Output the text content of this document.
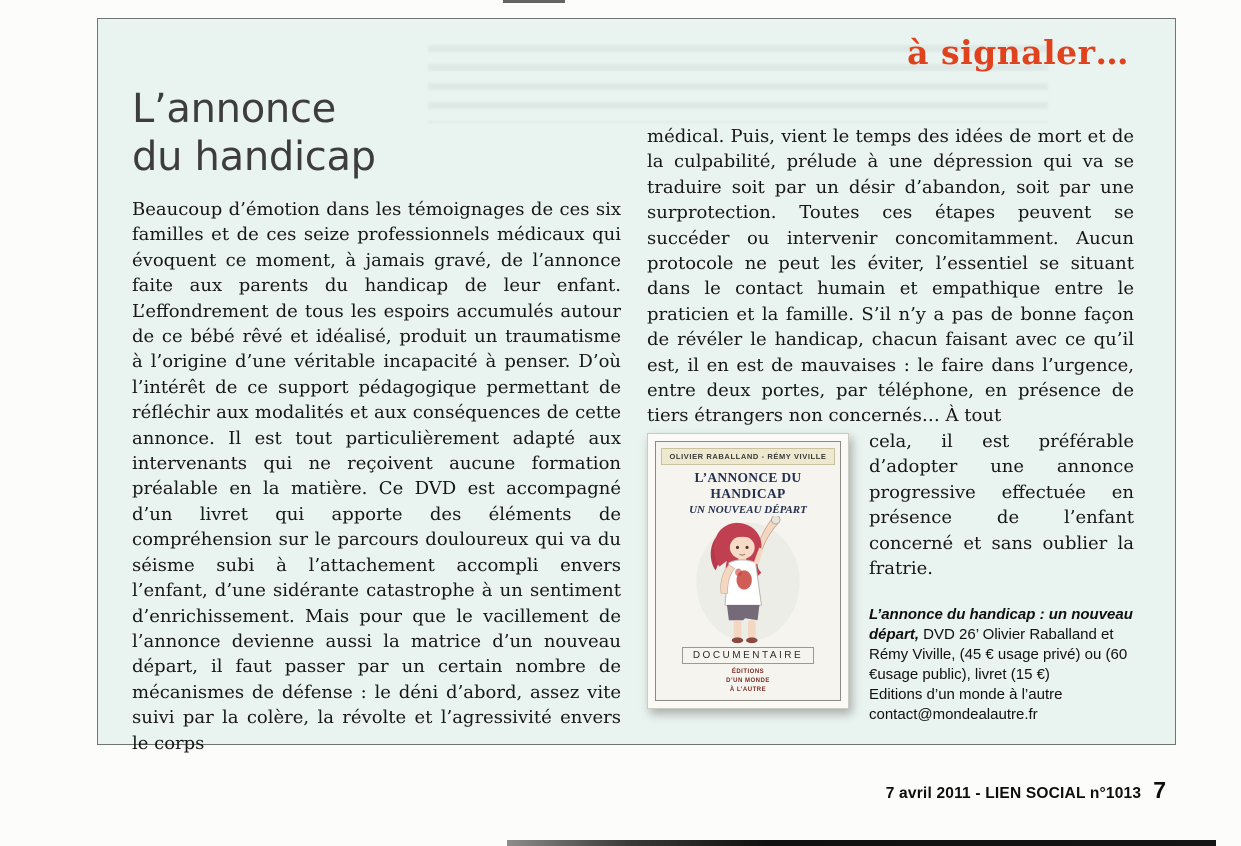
à signaler…
L’annonce
du handicap

Beaucoup d’émotion dans les témoignages de ces six familles et de ces seize professionnels médicaux qui évoquent ce moment, à jamais gravé, de l’annonce faite aux parents du handicap de leur enfant. L’effondrement de tous les espoirs accumulés autour de ce bébé rêvé et idéalisé, produit un traumatisme à l’origine d’une véritable incapacité à penser. D’où l’intérêt de ce support pédagogique permettant de réfléchir aux modalités et aux conséquences de cette annonce. Il est tout particulièrement adapté aux intervenants qui ne reçoivent aucune formation préalable en la matière. Ce DVD est accompagné d’un livret qui apporte des éléments de compréhension sur le parcours douloureux qui va du séisme subi à l’attachement accompli envers l’enfant, d’une sidérante catastrophe à un sentiment d’enrichissement. Mais pour que le vacillement de l’annonce devienne aussi la matrice d’un nouveau départ, il faut passer par un certain nombre de mécanismes de défense : le déni d’abord, assez vite suivi par la colère, la révolte et l’agressivité envers le corps

médical. Puis, vient le temps des idées de mort et de la culpabilité, prélude à une dépression qui va se traduire soit par un désir d’abandon, soit par une surprotection. Toutes ces étapes peuvent se succéder ou intervenir concomitamment. Aucun protocole ne peut les éviter, l’essentiel se situant dans le contact humain et empathique entre le praticien et la famille. S’il n’y a pas de bonne façon de révéler le handicap, chacun faisant avec ce qu’il est, il en est de mauvaises : le faire dans l’urgence, entre deux portes, par téléphone, en présence de tiers étrangers non concernés… À tout

OLIVIER RABALLAND - RÉMY VIVILLE
L’ANNONCE DU HANDICAP
UN NOUVEAU DÉPART
DOCUMENTAIRE
ÉDITIONS
D’UN MONDE
À L’AUTRE

cela, il est préférable d’adopter une annonce progressive effectuée en présence de l’enfant concerné et sans oublier la fratrie.

L’annonce du handicap : un nouveau départ, DVD 26’ Olivier Raballand et Rémy Viville, (45 € usage privé) ou (60 €usage public), livret (15 €)
Editions d’un monde à l’autre
contact@mondealautre.fr

7 avril 2011 - LIEN SOCIAL n°1013 7
